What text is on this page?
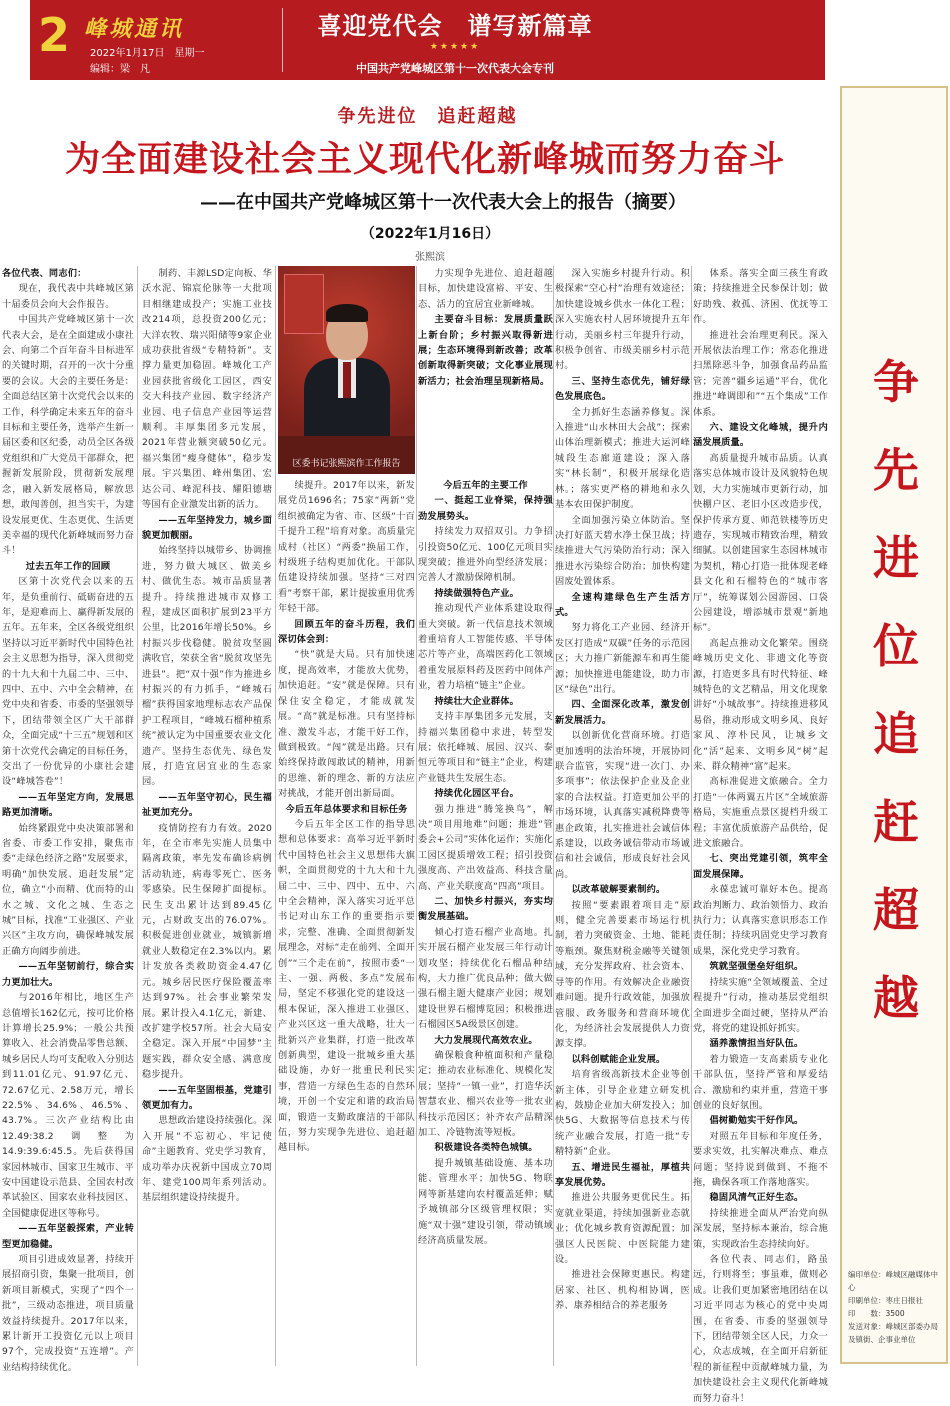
2 峰城通讯
2022年1月17日　星期一
编辑：梁　凡
喜迎党代会　谱写新篇章
★★★★★
中国共产党峰城区第十一次代表大会专刊
争先进位　追赶超越
为全面建设社会主义现代化新峰城而努力奋斗
——在中国共产党峰城区第十一次代表大会上的报告（摘要）
（2022年1月16日）
张熙滨

各位代表、同志们：

现在，我代表中共峰城区第十届委员会向大会作报告。

中国共产党峰城区第十一次代表大会，是在全面建成小康社会、向第二个百年奋斗目标进军的关键时期，召开的一次十分重要的会议。大会的主要任务是：全面总结区第十次党代会以来的工作，科学确定未来五年的奋斗目标和主要任务，选举产生新一届区委和区纪委，动员全区各级党组织和广大党员干部群众，把握新发展阶段，贯彻新发展理念，融入新发展格局，解放思想，敢闯善创，担当实干，为建设发展更优、生态更优、生活更美幸福的现代化新峰城而努力奋斗！

过去五年工作的回顾

区第十次党代会以来的五年，是负重前行、砥砺奋进的五年，是迎难而上、赢得新发展的五年。五年来，全区各级党组织坚持以习近平新时代中国特色社会主义思想为指导，深入贯彻党的十九大和十九届二中、三中、四中、五中、六中全会精神，在党中央和省委、市委的坚强领导下，团结带领全区广大干部群众，全面完成“十三五”规划和区第十次党代会确定的目标任务，交出了一份优异的小康社会建设“峰城答卷”！

——五年坚定方向，发展思路更加清晰。

始终紧跟党中央决策部署和省委、市委工作安排，聚焦市委“走绿色经济之路”发展要求，明确“加快发展、追赶发展”定位，确立“小而精、优而特的山水之城、文化之城、生态之城”目标，找准“工业强区、产业兴区”主攻方向，确保峰城发展正确方向阔步前进。

——五年坚韧前行，综合实力更加壮大。

与2016年相比，地区生产总值增长162亿元，按可比价格计算增长25.9%；一般公共预算收入、社会消费品零售总额、城乡居民人均可支配收入分别达到11.01亿元、91.97亿元、72.67亿元、2.58万元，增长22.5%、34.6%、46.5%、43.7%。三次产业结构比由12.49:38.2调整为14.9:39.6:45.5。先后获得国家园林城市、国家卫生城市、平安中国建设示范县、全国农村改革试验区、国家农业科技园区、全国健康促进区等称号。

——五年坚毅探索，产业转型更加稳健。

项目引进成效显著，持续开展招商引资，集聚一批项目，创新项目新模式，实现了“四个一批”，三级动态推进，项目质量效益持续提升。2017年以来，累计新开工投资亿元以上项目97个，完成投资“五连增”。产业结构持续优化。

制药、丰源LSD定向板、华沃水泥、锦宸伦脉等一大批项目相继建成投产；实施工业技改214项，总投资200亿元；大洋农牧、瑞兴阳储等9家企业成功获批省级“专精特新”。支撑力量更加稳固。峰城化工产业园获批省级化工园区，西安交大科技产业园、数字经济产业园、电子信息产业园等运营顺利。丰厚集团多元发展，2021年营业额突破50亿元。福兴集团“瘦身健体”，稳步发展。宇兴集团、峰州集团、宏达公司、峰泥科技、耀阳德塘等国有企业激发出新的活力。

——五年坚持发力，城乡面貌更加靓丽。

始终坚持以城带乡、协调推进，努力做大城区、做美乡村、做优生态。城市品质显著提升。持续推进城市双修工程，建成区面积扩展到23平方公里，比2016年增长50%。乡村振兴步伐稳健。脱贫攻坚圆满收官，荣获全省“脱贫攻坚先进县”。把“双十强”作为推进乡村振兴的有力抓手，“峰城石榴”获得国家地理标志农产品保护工程项目，“峰城石榴种植系统”被认定为中国重要农业文化遗产。坚持生态优先、绿色发展，打造宜居宜业的生态家园。

——五年坚守初心，民生福祉更加充分。

疫情防控有力有效。2020年，在全市率先实施人员集中隔离政策，率先发布确诊病例活动轨迹，病毒零死亡、医务零感染。民生保障扩面提标。民生支出累计达到89.45亿元，占财政支出的76.07%。积极促进创业就业，城镇新增就业人数稳定在2.3%以内。累计发放各类救助资金4.47亿元。城乡居民医疗保险覆盖率达到97%。社会事业繁荣发展。累计投入4.1亿元，新建、改扩建学校57所。社会大局安全稳定。深入开展“中国梦”主题实践，群众安全感、满意度稳步提升。

——五年坚固根基，党建引领更加有力。

思想政治建设持续强化。深入开展“不忘初心、牢记使命”主题教育、党史学习教育，成功举办庆祝新中国成立70周年、建党100周年系列活动。基层组织建设持续提升。

区委书记张熙滨作工作报告

续提升。2017年以来，新发展党员1696名；75家“两新”党组织被确定为省、市、区级“十百千提升工程”培育对象。高质量完成村（社区）“两委”换届工作，村级班子结构更加优化。干部队伍建设持续加强。坚持“三对四看”考察干部，累计提拔重用优秀年轻干部。

回顾五年的奋斗历程，我们深切体会到：

“快”就是大局。只有加快速度，提高效率，才能放大优势，加快追赶。“安”就是保障。只有保住安全稳定，才能成就发展。“高”就是标准。只有坚持标准、激发斗志，才能干好工作，做到极致。“闯”就是出路。只有始终保持敢闯敢试的精神，用新的思维、新的理念、新的方法应对挑战，才能开创出新局面。

今后五年总体要求和目标任务

今后五年全区工作的指导思想和总体要求：高举习近平新时代中国特色社会主义思想伟大旗帜，全面贯彻党的十九大和十九届二中、三中、四中、五中、六中全会精神，深入落实习近平总书记对山东工作的重要指示要求，完整、准确、全面贯彻新发展理念，对标“走在前列、全面开创”“三个走在前”，按照市委“一主、一强、两极、多点”发展布局，坚定不移强化党的建设这一根本保证，深入推进工业强区、产业兴区这一重大战略，壮大一批新兴产业集群，打造一批改革创新典型，建设一批城乡重大基础设施，办好一批重民利民实事，营造一方绿色生态的自然环境，开创一个安定和谐的政治局面，锻造一支勤政廉洁的干部队伍，努力实现争先进位、追赶超越目标。

力实现争先进位、追赶超越目标，加快建设富裕、平安、生态、活力的宜居宜业新峰城。

主要奋斗目标：发展质量跃上新台阶；乡村振兴取得新进展；生态环境得到新改善；改革创新取得新突破；文化事业展现新活力；社会治理呈现新格局。

今后五年的主要工作

一、挺起工业脊梁，保持强劲发展势头。

持续发力双招双引。力争招引投资50亿元、100亿元项目实现突破；推进外向型经济发展；完善人才激励保障机制。

持续做强特色产业。

推动现代产业体系建设取得重大突破。新一代信息技术领域着重培育人工智能传感、半导体芯片等产业，高端医药化工领域着重发展原料药及医药中间体产业，着力培植“链主”企业。

持续壮大企业群体。

支持丰厚集团多元发展，支持福兴集团稳中求进，转型发展；依托峰城、展园、汉兴、泰恒元等项目和“链主”企业，构建产业链共生发展生态。

持续优化园区平台。

强力推进“腾笼换鸟”，解决“项目用地难”问题；推进“管委会+公司”实体化运作；实施化工园区提质增效工程；招引投资强度高、产出效益高、科技含量高、产业关联度高“四高”项目。

二、加快乡村振兴，夯实均衡发展基础。

倾心打造石榴产业高地。扎实开展石榴产业发展三年行动计划攻坚；持续优化石榴品种结构，大力推广优良品种；做大做强石榴主题大健康产业园；规划建设世界石榴博览园；积极推进石榴园区5A级景区创建。

大力发展现代高效农业。

确保粮食种植面积和产量稳定；推动农业标准化、规模化发展；坚持“一镇一业”，打造华沃智慧农业、榴兴农业等一批农业科技示范园区；补齐农产品精深加工、冷链物流等短板。

积极建设各类特色城镇。

提升城镇基础设施、基本功能、管理水平；加快5G、物联网等新基建向农村覆盖延伸；赋予城镇部分区级管理权限；实施“双十强”建设引领，带动镇域经济高质量发展。

深入实施乡村提升行动。积极探索“空心村”治理有效途径；加快建设城乡供水一体化工程；深入实施农村人居环境提升五年行动，美丽乡村三年提升行动，积极争创省、市级美丽乡村示范村。

三、坚持生态优先，铺好绿色发展底色。

全力抓好生态涵养修复。深入推进“山水林田大会战”；探索山体治理新模式；推进大运河峰城段生态廊道建设；深入落实“林长制”，积极开展绿化造林。；落实更严格的耕地和永久基本农田保护制度。

全面加强污染立体防治。坚决打好蓝天碧水净土保卫战；持续推进大气污染防治行动；深入推进水污染综合防治；加快构建固废处置体系。

全速构建绿色生产生活方式。

努力将化工产业园、经济开发区打造成“双碳”任务的示范园区；大力推广新能源车和再生能源；加快推进电能建设，助力市区“绿色”出行。

四、全面深化改革，激发创新发展活力。

以创新优化营商环境。打造更加透明的法治环境，开展协同联合监管，实现“进一次门、办多项事”；依法保护企业及企业家的合法权益。打造更加公平的市场环境，认真落实减税降费等惠企政策，扎实推进社会诚信体系建设，以政务诚信带动市场诚信和社会诚信，形成良好社会风尚。

以改革破解要素制约。

按照“要素跟着项目走”原则，健全完善要素市场运行机制，着力突破资金、土地、能耗等瓶颈。聚焦财税金融等关键领域，充分发挥政府、社会资本、导等的作用。有效解决企业融资难问题。提升行政效能，加强放管服、政务服务和营商环境优化，为经济社会发展提供人力资源支撑。

以科创赋能企业发展。

培育省级高新技术企业等创新主体，引导企业建立研发机构，鼓励企业加大研发投入；加快5G、大数据等信息技术与传统产业融合发展，打造一批“专精特新”企业。

五、增进民生福祉，厚植共享发展优势。

推进公共服务更优民生。拓宽就业渠道，持续加强新业态就业；优化城乡教育资源配置；加强区人民医院、中医院能力建设。

推进社会保障更惠民。构建居家、社区、机构相协调，医养、康养相结合的养老服务

体系。落实全面三孩生育政策；持续推进全民参保计划；做好助残、救孤、济困、优抚等工作。

推进社会治理更利民。深入开展依法治理工作；常态化推进扫黑除恶斗争，加强食品药品监管；完善“疆乡运通”平台，优化推进“峰调即和”“五个集成”工作体系。

六、建设文化峰城，提升内涵发展质量。

高质量提升城市品质。认真落实总体城市设计及风貌特色规划，大力实施城市更新行动，加快棚户区、老旧小区改造步伐，保护传承方夏、师范铁楼等历史遗存，实现城市精致治理，精致细腻。以创建国家生态园林城市为契机，精心打造一批体现老峰县文化和石榴特色的“城市客厅”，统筹谋划公园游园、口袋公园建设，增添城市景观“新地标”。

高起点推动文化繁荣。围绕峰城历史文化、非遗文化等资源，打造更多具有时代特征、峰城特色的文艺精品，用文化现象讲好“小城故事”。持续推进移风易俗，推动形成文明乡风、良好家风、淳朴民风，让城乡文化“活”起来、文明乡风“树”起来、群众精神“富”起来。

高标准促进文旅融合。全力打造“一体两翼五片区”全域旅游格局，实施重点景区提档升级工程；丰富优质旅游产品供给，促进文旅融合。

七、突出党建引领，筑牢全面发展保障。

永葆忠诚可靠好本色。提高政治判断力、政治领悟力、政治执行力；认真落实意识形态工作责任制；持续巩固党史学习教育成果，深化党史学习教育。

筑就坚强堡垒好组织。

持续实施“全领域覆盖、全过程提升”行动，推动基层党组织全面进步全面过硬，坚持从严治党，将党的建设抓好抓实。

涵养激情担当好队伍。

着力锻造一支高素质专业化干部队伍，坚持严管和厚爱结合、激励和约束并重，营造干事创业的良好氛围。

倡树勤勉实干好作风。

对照五年目标和年度任务，要求实效，扎实解决难点、难点问题；坚持说到做到、不拖不拖，确保各项工作落地落实。

稳固风清气正好生态。

持续推进全面从严治党向纵深发展，坚持标本兼治，综合施策，实现政治生态持续向好。

各位代表、同志们，路虽远，行则将至；事虽难，做则必成。让我们更加紧密地团结在以习近平同志为核心的党中央周围，在省委、市委的坚强领导下，团结带领全区人民，力众一心，众志成城，在全面开启新征程的新征程中贡献峰城力量，为加快建设社会主义现代化新峰城而努力奋斗！

争先进位追赶超越
编印单位：峰城区融媒体中心
印刷单位：枣庄日报社
印　　数：3500
发送对象：峰城区部委办局
及镇街、企事业单位
